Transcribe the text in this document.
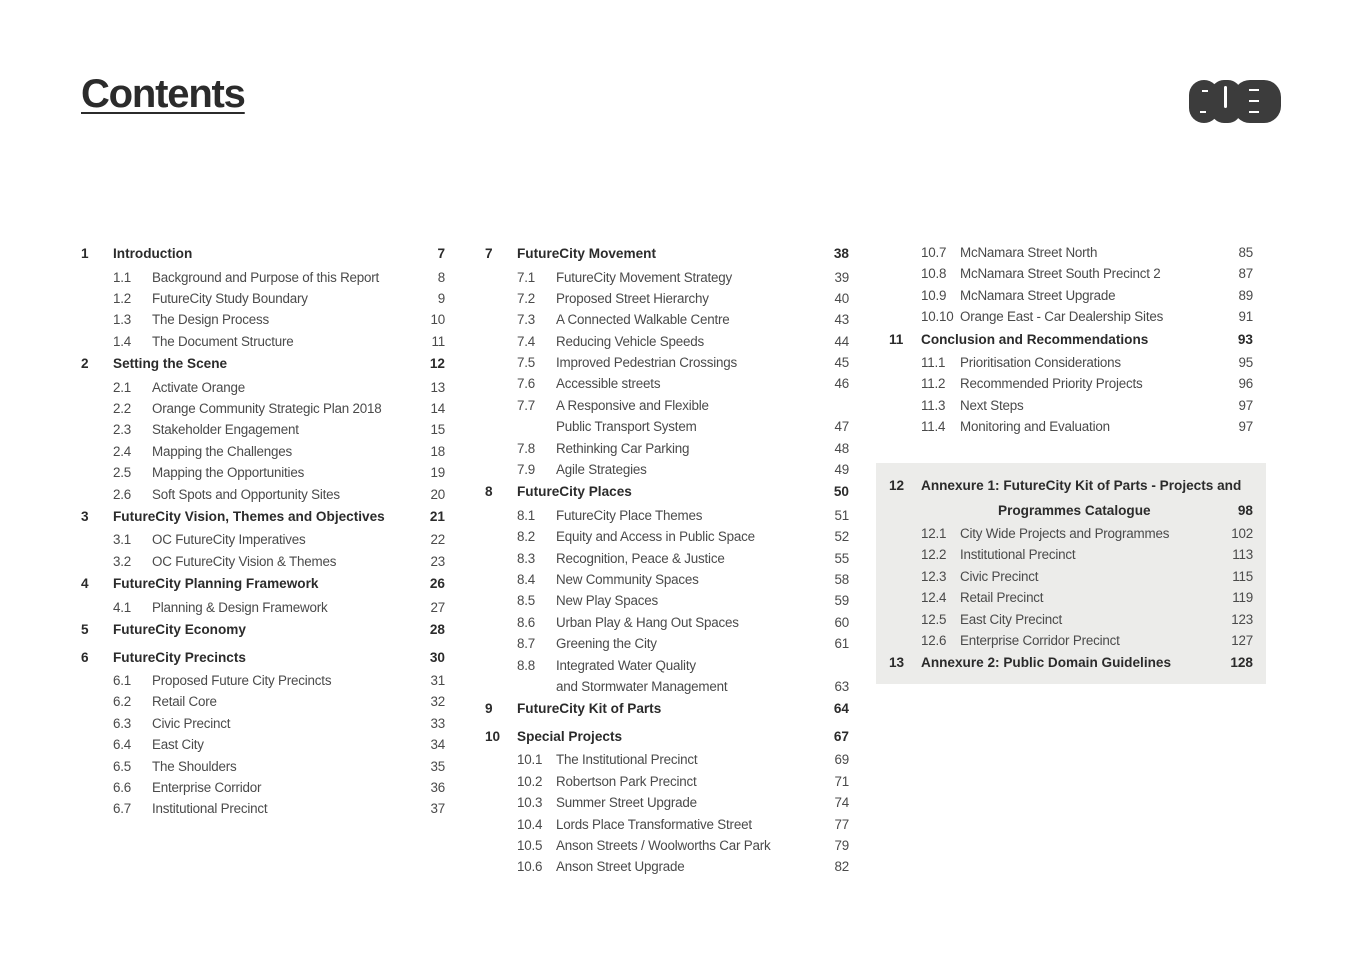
Contents
1 Introduction	7
1.1 Background and Purpose of this Report	8
1.2 FutureCity Study Boundary	9
1.3 The Design Process	10
1.4 The Document Structure	11
2 Setting the Scene	12
2.1 Activate Orange	13
2.2 Orange Community Strategic Plan 2018	14
2.3 Stakeholder Engagement	15
2.4 Mapping the Challenges	18
2.5 Mapping the Opportunities	19
2.6 Soft Spots and Opportunity Sites	20
3 FutureCity Vision, Themes and Objectives	21
3.1 OC FutureCity Imperatives	22
3.2 OC FutureCity Vision & Themes	23
4 FutureCity Planning Framework	26
4.1 Planning & Design Framework	27
5 FutureCity Economy	28
6 FutureCity Precincts	30
6.1 Proposed Future City Precincts	31
6.2 Retail Core	32
6.3 Civic Precinct	33
6.4 East City	34
6.5 The Shoulders	35
6.6 Enterprise Corridor	36
6.7 Institutional Precinct	37
7 FutureCity Movement	38
7.1 FutureCity Movement Strategy	39
7.2 Proposed Street Hierarchy	40
7.3 A Connected Walkable Centre	43
7.4 Reducing Vehicle Speeds	44
7.5 Improved Pedestrian Crossings	45
7.6 Accessible streets	46
7.7 A Responsive and Flexible
Public Transport System	47
7.8 Rethinking Car Parking	48
7.9 Agile Strategies	49
8 FutureCity Places	50
8.1 FutureCity Place Themes	51
8.2 Equity and Access in Public Space	52
8.3 Recognition, Peace & Justice	55
8.4 New Community Spaces	58
8.5 New Play Spaces	59
8.6 Urban Play & Hang Out Spaces	60
8.7 Greening the City	61
8.8 Integrated Water Quality
and Stormwater Management	63
9 FutureCity Kit of Parts	64
10 Special Projects	67
10.1 The Institutional Precinct	69
10.2 Robertson Park Precinct	71
10.3 Summer Street Upgrade	74
10.4 Lords Place Transformative Street	77
10.5 Anson Streets / Woolworths Car Park	79
10.6 Anson Street Upgrade	82
10.7 McNamara Street North	85
10.8 McNamara Street South Precinct 2	87
10.9 McNamara Street Upgrade	89
10.10 Orange East - Car Dealership Sites	91
11 Conclusion and Recommendations	93
11.1 Prioritisation Considerations	95
11.2 Recommended Priority Projects	96
11.3 Next Steps	97
11.4 Monitoring and Evaluation	97
12 Annexure 1: FutureCity Kit of Parts - Projects and
Programmes Catalogue	98
12.1 City Wide Projects and Programmes	102
12.2 Institutional Precinct	113
12.3 Civic Precinct	115
12.4 Retail Precinct	119
12.5 East City Precinct	123
12.6 Enterprise Corridor Precinct	127
13 Annexure 2: Public Domain Guidelines	128
